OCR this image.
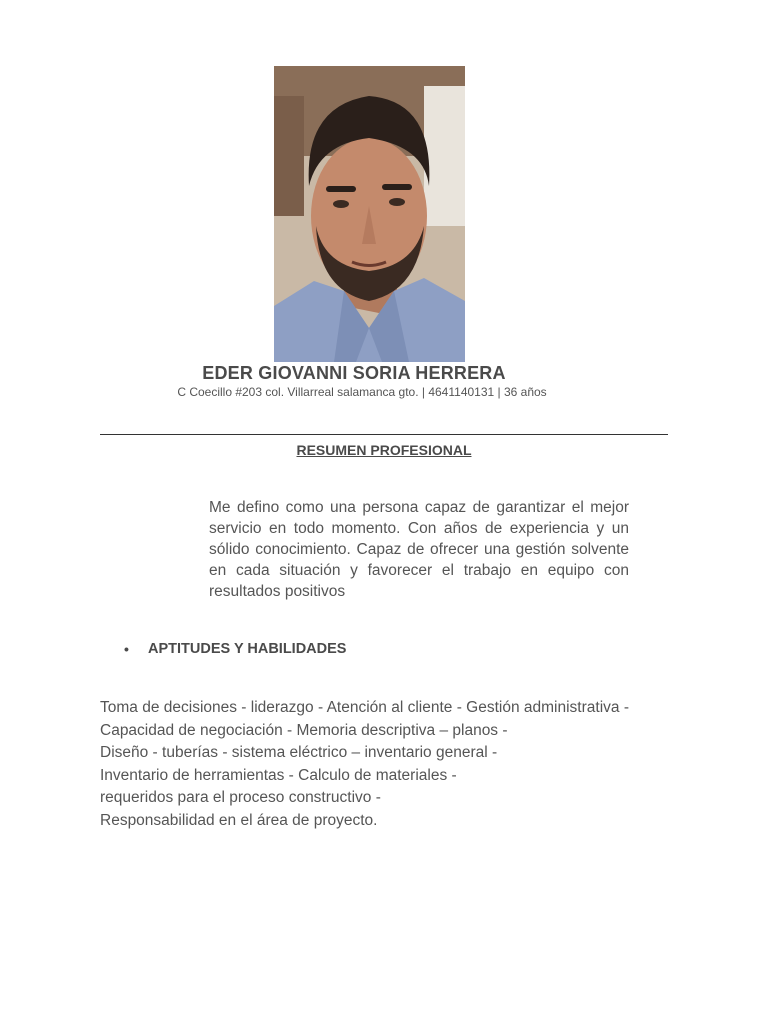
EDER GIOVANNI SORIA HERRERA
C Coecillo #203 col. Villarreal salamanca gto. | 4641140131 | 36 años
RESUMEN PROFESIONAL
Me defino como una persona capaz de garantizar el mejor servicio en todo momento. Con años de experiencia y un sólido conocimiento. Capaz de ofrecer una gestión solvente en cada situación y favorecer el trabajo en equipo con resultados positivos
• APTITUDES Y HABILIDADES
Toma de decisiones - liderazgo - Atención al cliente - Gestión administrativa -
Capacidad de negociación - Memoria descriptiva – planos -
Diseño - tuberías - sistema eléctrico – inventario general -
Inventario de herramientas - Calculo de materiales -
requeridos para el proceso constructivo -
Responsabilidad en el área de proyecto.
